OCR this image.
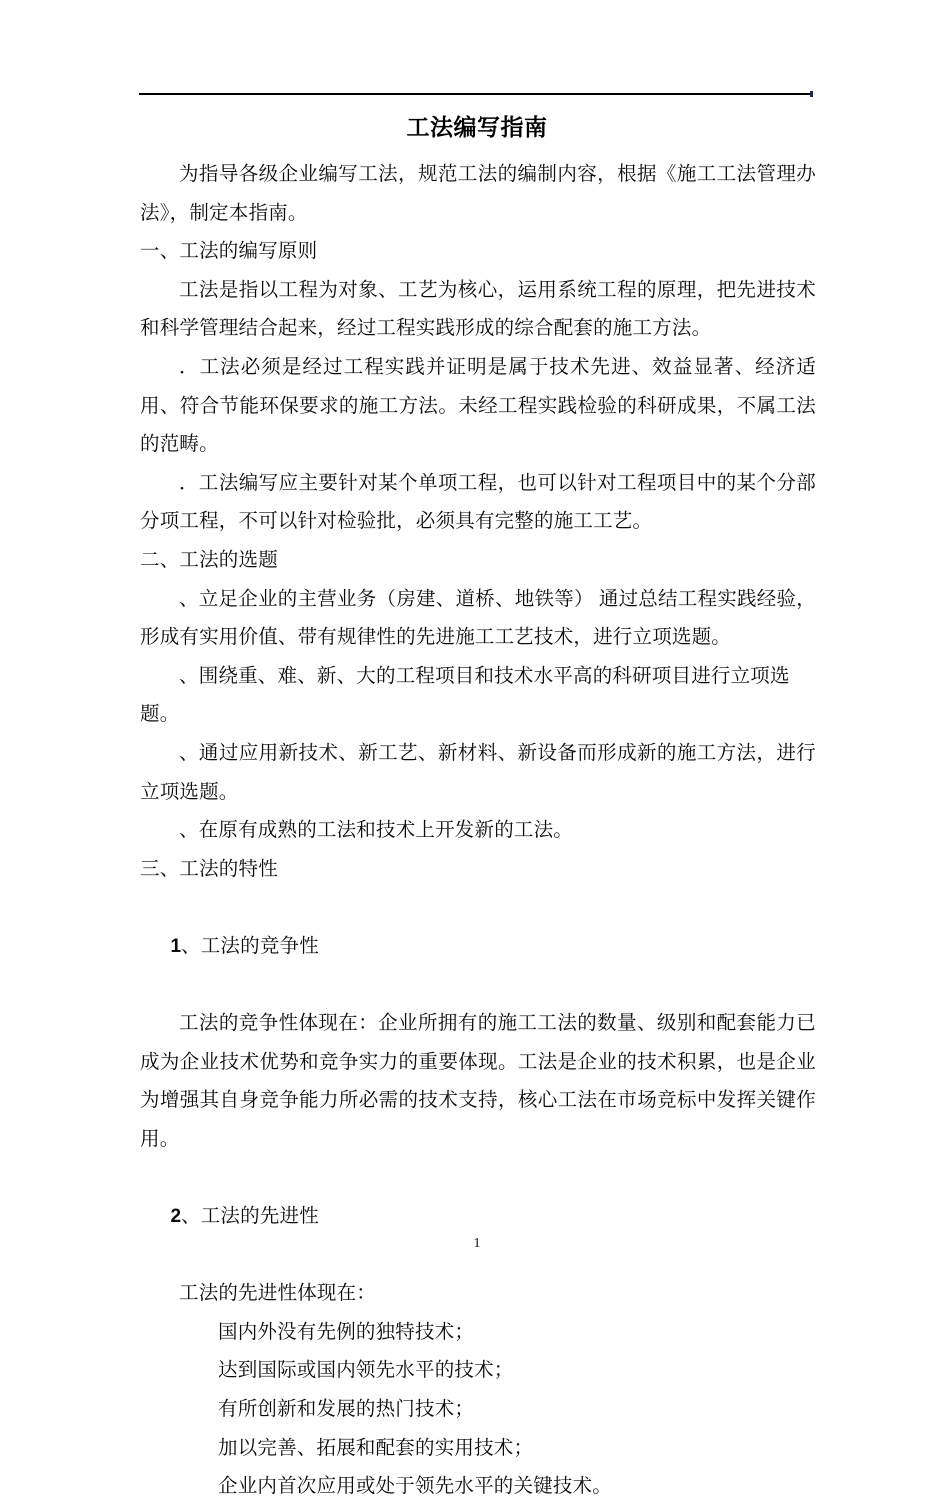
工法编写指南

为指导各级企业编写工法，规范工法的编制内容，根据《施工工法管理办法》，制定本指南。

一、工法的编写原则

工法是指以工程为对象、工艺为核心，运用系统工程的原理，把先进技术和科学管理结合起来，经过工程实践形成的综合配套的施工方法。

．工法必须是经过工程实践并证明是属于技术先进、效益显著、经济适用、符合节能环保要求的施工方法。未经工程实践检验的科研成果，不属工法的范畴。

．工法编写应主要针对某个单项工程，也可以针对工程项目中的某个分部分项工程，不可以针对检验批，必须具有完整的施工工艺。

二、工法的选题

、立足企业的主营业务（房建、道桥、地铁等） 通过总结工程实践经验，形成有实用价值、带有规律性的先进施工工艺技术，进行立项选题。

、围绕重、难、新、大的工程项目和技术水平高的科研项目进行立项选题。

、通过应用新技术、新工艺、新材料、新设备而形成新的施工方法，进行立项选题。

、在原有成熟的工法和技术上开发新的工法。

三、工法的特性

1、工法的竞争性

工法的竞争性体现在：企业所拥有的施工工法的数量、级别和配套能力已成为企业技术优势和竞争实力的重要体现。工法是企业的技术积累，也是企业为增强其自身竞争能力所必需的技术支持，核心工法在市场竞标中发挥关键作用。

2、工法的先进性

工法的先进性体现在：

国内外没有先例的独特技术；

达到国际或国内领先水平的技术；

有所创新和发展的热门技术；

加以完善、拓展和配套的实用技术；

企业内首次应用或处于领先水平的关键技术。

1
